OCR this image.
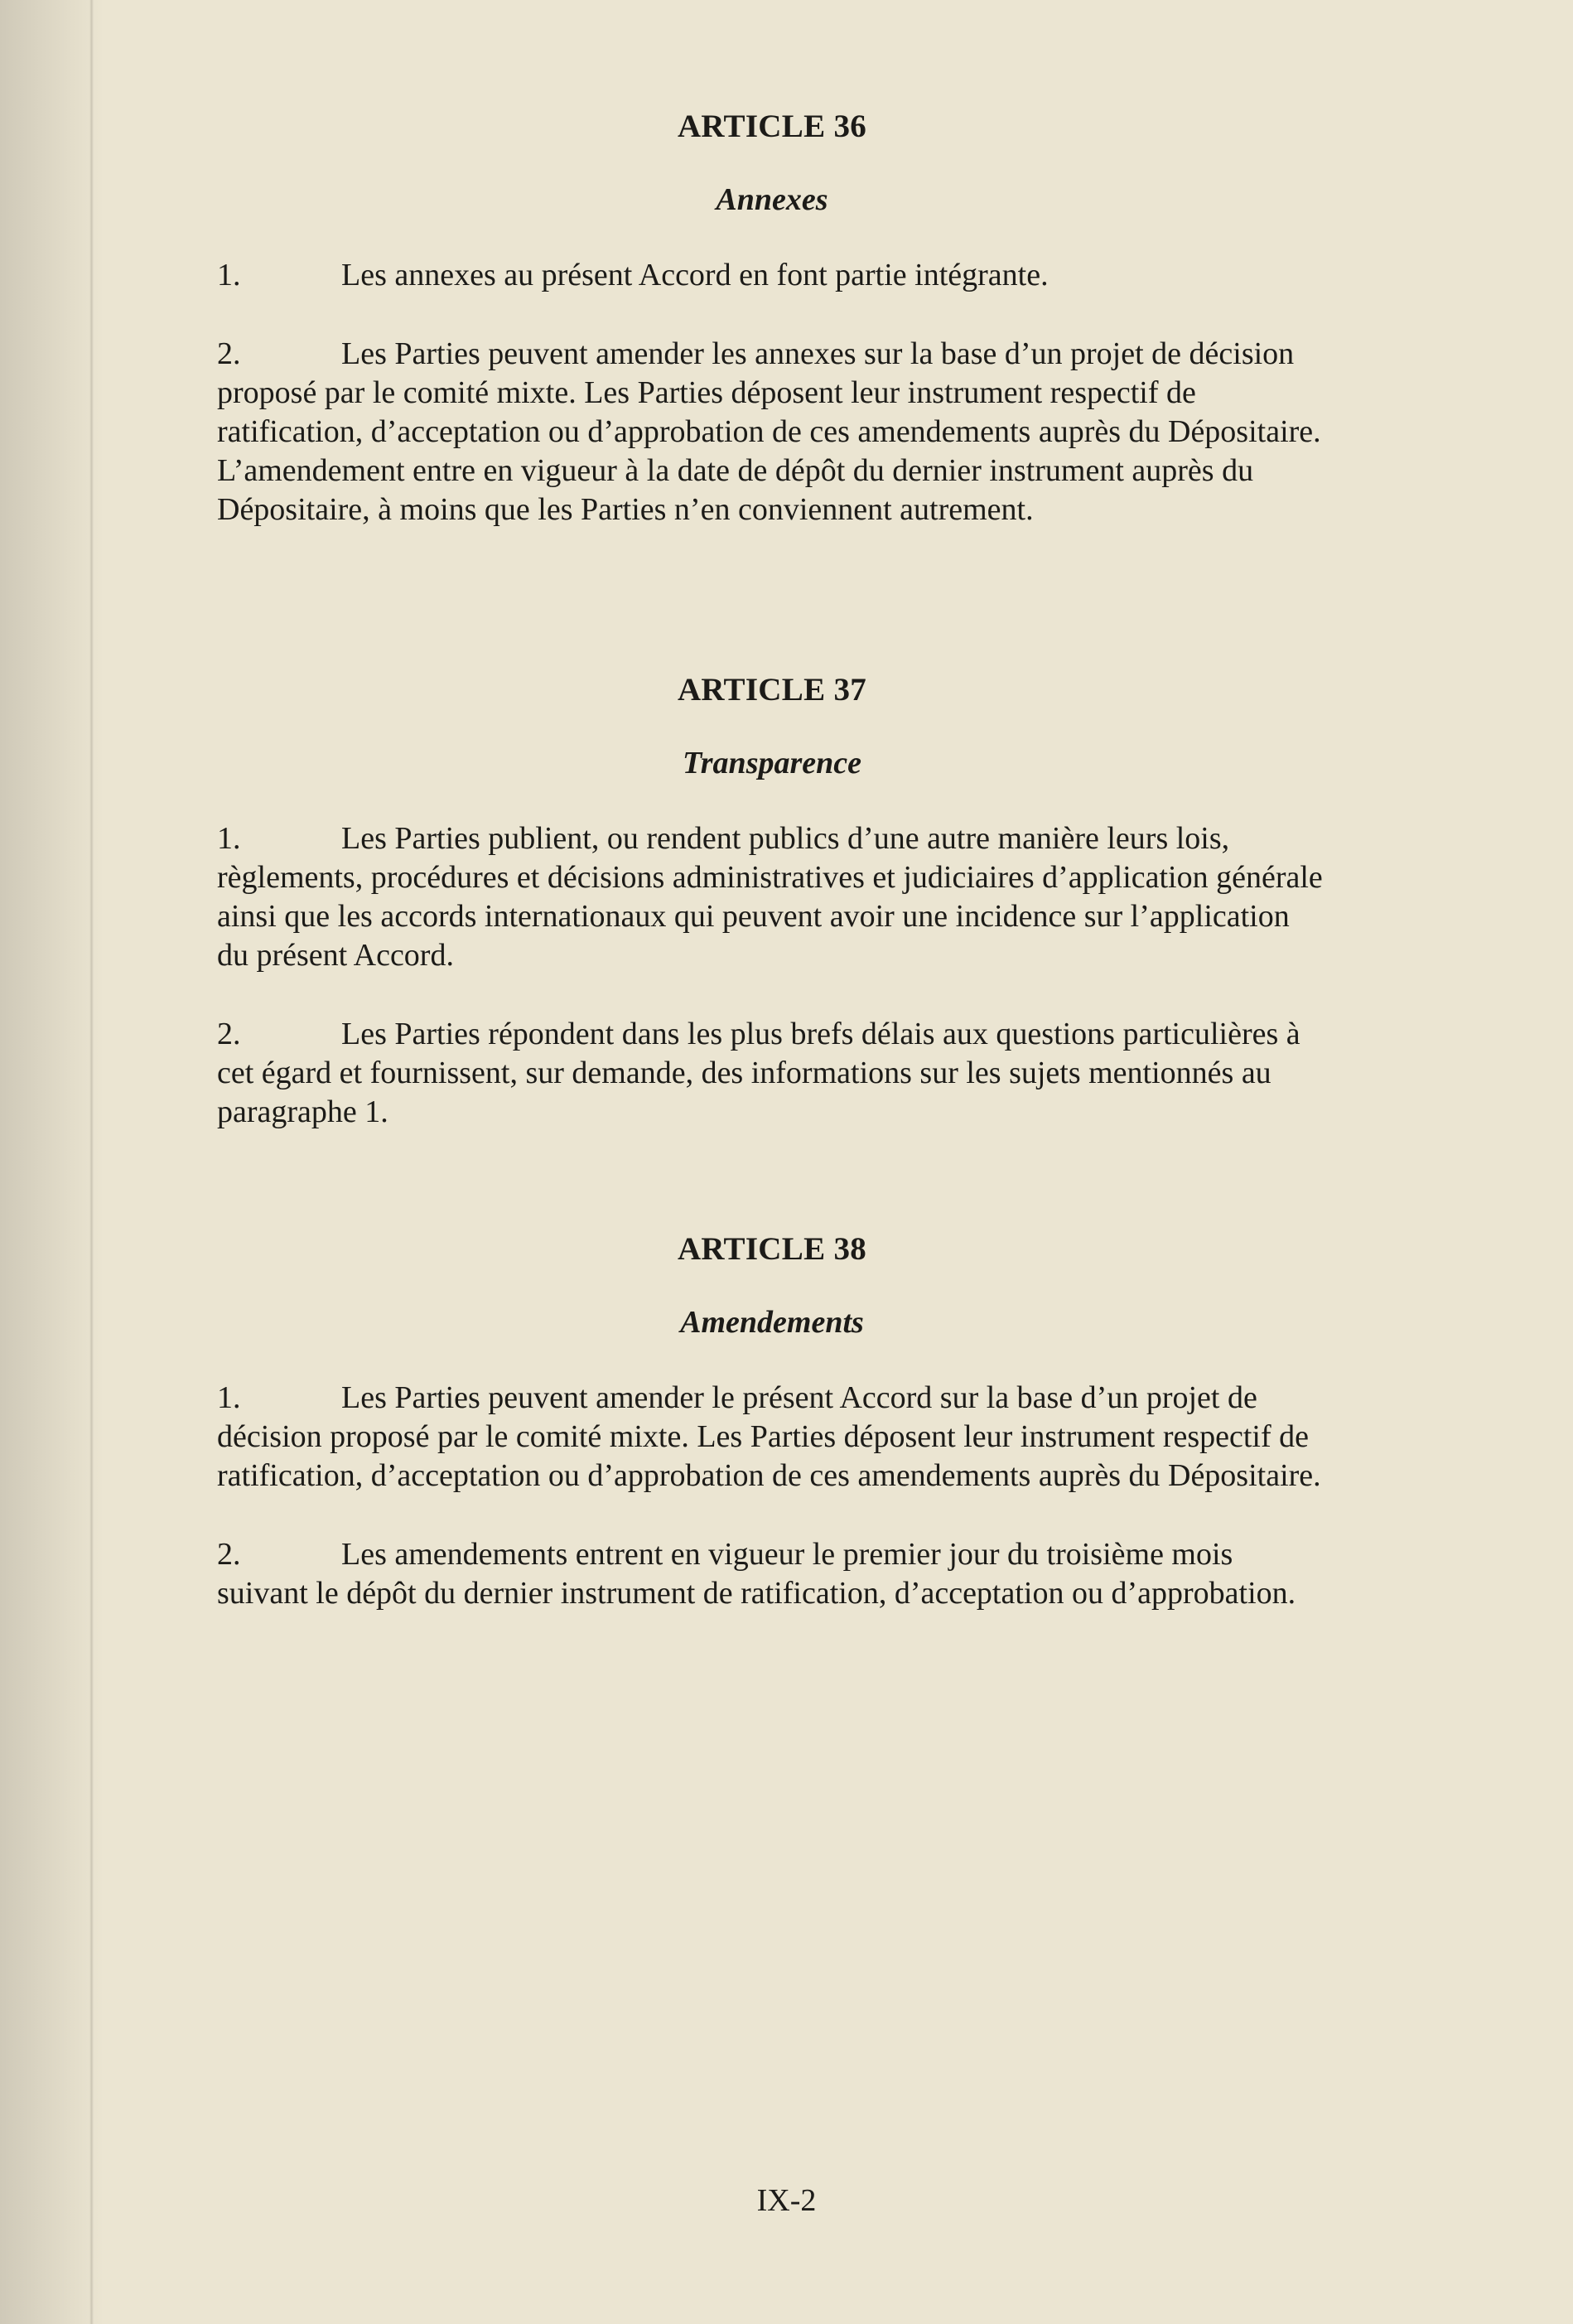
ARTICLE 36
Annexes

1.	Les annexes au présent Accord en font partie intégrante.

2.	Les Parties peuvent amender les annexes sur la base d’un projet de décision proposé par le comité mixte. Les Parties déposent leur instrument respectif de ratification, d’acceptation ou d’approbation de ces amendements auprès du Dépositaire. L’amendement entre en vigueur à la date de dépôt du dernier instrument auprès du Dépositaire, à moins que les Parties n’en conviennent autrement.

ARTICLE 37
Transparence

1.	Les Parties publient, ou rendent publics d’une autre manière leurs lois, règlements, procédures et décisions administratives et judiciaires d’application générale ainsi que les accords internationaux qui peuvent avoir une incidence sur l’application du présent Accord.

2.	Les Parties répondent dans les plus brefs délais aux questions particulières à cet égard et fournissent, sur demande, des informations sur les sujets mentionnés au paragraphe 1.

ARTICLE 38
Amendements

1.	Les Parties peuvent amender le présent Accord sur la base d’un projet de décision proposé par le comité mixte. Les Parties déposent leur instrument respectif de ratification, d’acceptation ou d’approbation de ces amendements auprès du Dépositaire.

2.	Les amendements entrent en vigueur le premier jour du troisième mois suivant le dépôt du dernier instrument de ratification, d’acceptation ou d’approbation.

IX-2
